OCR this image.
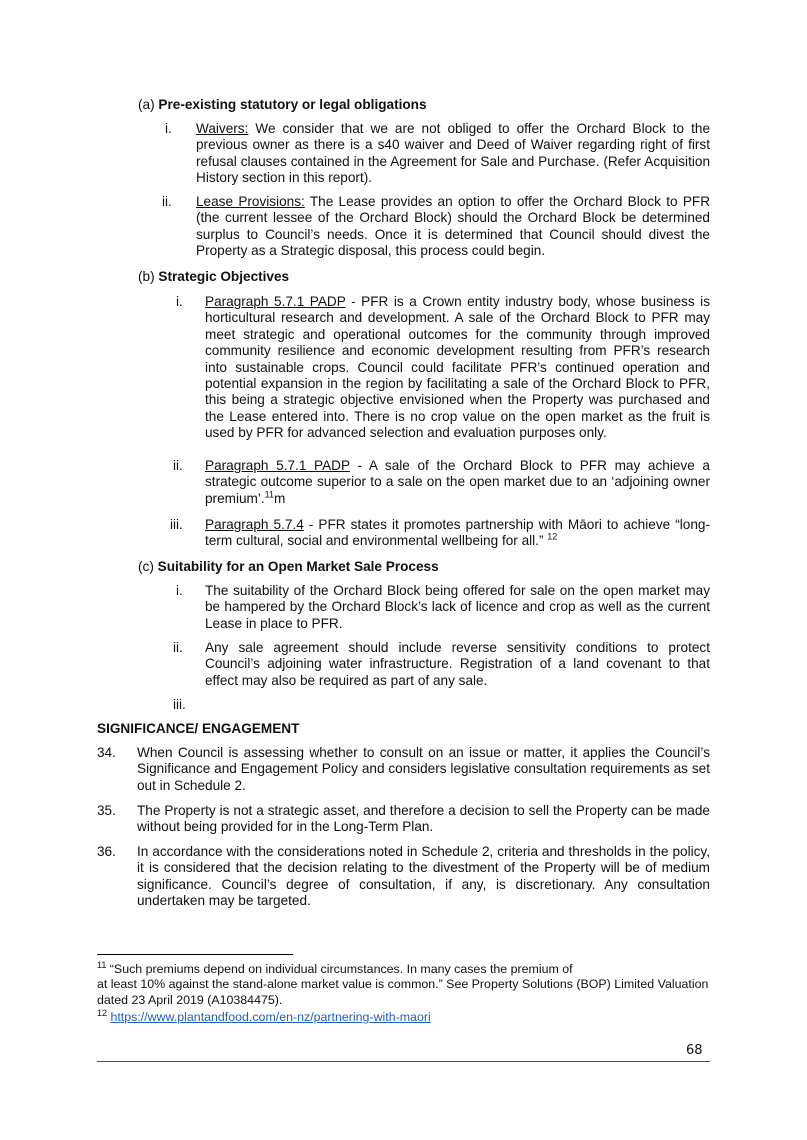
(a) Pre-existing statutory or legal obligations
i. Waivers: We consider that we are not obliged to offer the Orchard Block to the previous owner as there is a s40 waiver and Deed of Waiver regarding right of first refusal clauses contained in the Agreement for Sale and Purchase. (Refer Acquisition History section in this report).
ii. Lease Provisions: The Lease provides an option to offer the Orchard Block to PFR (the current lessee of the Orchard Block) should the Orchard Block be determined surplus to Council’s needs. Once it is determined that Council should divest the Property as a Strategic disposal, this process could begin.
(b) Strategic Objectives
i. Paragraph 5.7.1 PADP - PFR is a Crown entity industry body, whose business is horticultural research and development. A sale of the Orchard Block to PFR may meet strategic and operational outcomes for the community through improved community resilience and economic development resulting from PFR’s research into sustainable crops. Council could facilitate PFR’s continued operation and potential expansion in the region by facilitating a sale of the Orchard Block to PFR, this being a strategic objective envisioned when the Property was purchased and the Lease entered into. There is no crop value on the open market as the fruit is used by PFR for advanced selection and evaluation purposes only.
ii. Paragraph 5.7.1 PADP - A sale of the Orchard Block to PFR may achieve a strategic outcome superior to a sale on the open market due to an ‘adjoining owner premium’.$^{11}$m
iii. Paragraph 5.7.4 - PFR states it promotes partnership with Māori to achieve “long-term cultural, social and environmental wellbeing for all.” $^{12}$
(c) Suitability for an Open Market Sale Process
i. The suitability of the Orchard Block being offered for sale on the open market may be hampered by the Orchard Block’s lack of licence and crop as well as the current Lease in place to PFR.
ii. Any sale agreement should include reverse sensitivity conditions to protect Council’s adjoining water infrastructure. Registration of a land covenant to that effect may also be required as part of any sale.
iii.
SIGNIFICANCE/ ENGAGEMENT
34. When Council is assessing whether to consult on an issue or matter, it applies the Council’s Significance and Engagement Policy and considers legislative consultation requirements as set out in Schedule 2.
35. The Property is not a strategic asset, and therefore a decision to sell the Property can be made without being provided for in the Long-Term Plan.
36. In accordance with the considerations noted in Schedule 2, criteria and thresholds in the policy, it is considered that the decision relating to the divestment of the Property will be of medium significance. Council’s degree of consultation, if any, is discretionary. Any consultation undertaken may be targeted.
$^{11}$ “Such premiums depend on individual circumstances. In many cases the premium of
at least 10% against the stand-alone market value is common.” See Property Solutions (BOP) Limited Valuation dated 23 April 2019 (A10384475).
$^{12}$ https://www.plantandfood.com/en-nz/partnering-with-maori
68
